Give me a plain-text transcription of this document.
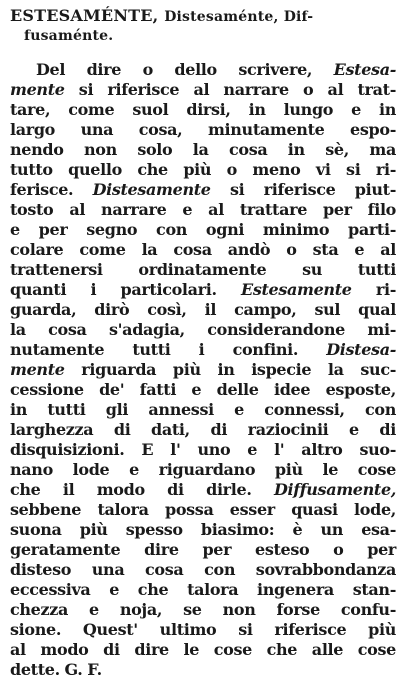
ESTESAMÉNTE, Distesaménte, Dif-
fusaménte.
Del dire o dello scrivere, Estesa-
mente si riferisce al narrare o al trat-
tare, come suol dirsi, in lungo e in
largo una cosa, minutamente espo-
nendo non solo la cosa in sè, ma
tutto quello che più o meno vi si ri-
ferisce. Distesamente si riferisce piut-
tosto al narrare e al trattare per filo
e per segno con ogni minimo parti-
colare come la cosa andò o sta e al
trattenersi ordinatamente su tutti
quanti i particolari. Estesamente ri-
guarda, dirò così, il campo, sul qual
la cosa s'adagia, considerandone mi-
nutamente tutti i confini. Distesa-
mente riguarda più in ispecie la suc-
cessione de' fatti e delle idee esposte,
in tutti gli annessi e connessi, con
larghezza di dati, di raziocinii e di
disquisizioni. E l' uno e l' altro suo-
nano lode e riguardano più le cose
che il modo di dirle. Diffusamente,
sebbene talora possa esser quasi lode,
suona più spesso biasimo: è un esa-
geratamente dire per esteso o per
disteso una cosa con sovrabbondanza
eccessiva e che talora ingenera stan-
chezza e noja, se non forse confu-
sione. Quest' ultimo si riferisce più
al modo di dire le cose che alle cose
dette. G. F.
